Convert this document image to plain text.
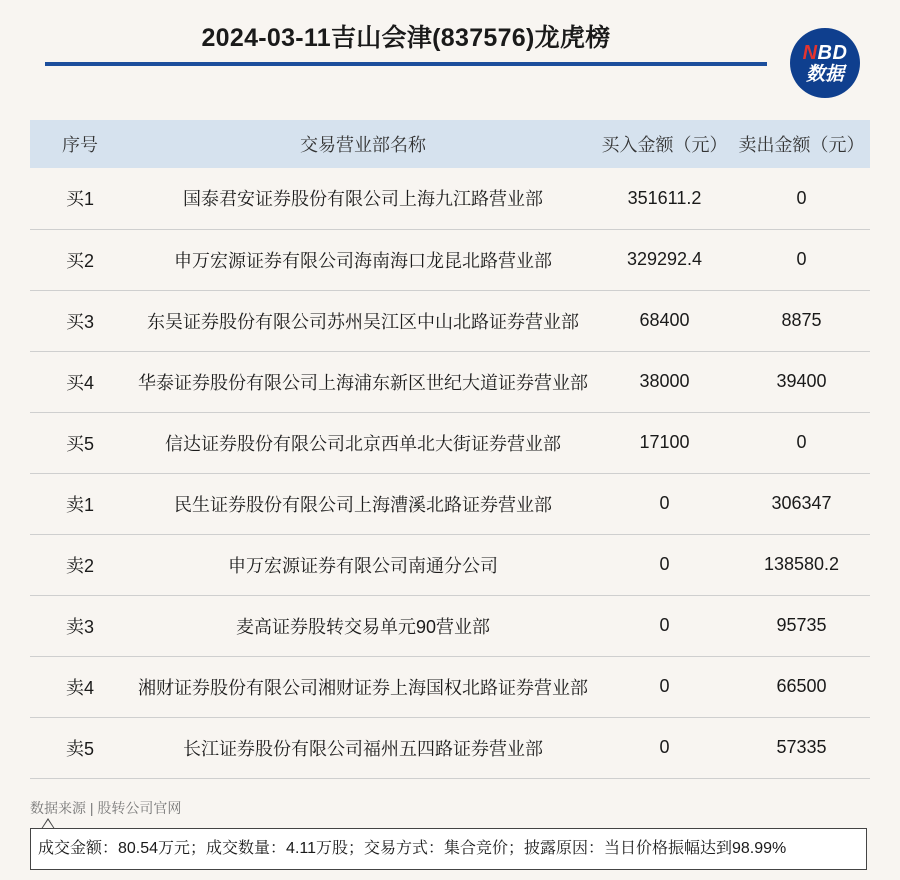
2024-03-11吉山会津(837576)龙虎榜
NBD
数据
序号	交易营业部名称	买入金额（元）	卖出金额（元）
买1	国泰君安证券股份有限公司上海九江路营业部	351611.2	0
买2	申万宏源证券有限公司海南海口龙昆北路营业部	329292.4	0
买3	东吴证券股份有限公司苏州吴江区中山北路证券营业部	68400	8875
买4	华泰证券股份有限公司上海浦东新区世纪大道证券营业部	38000	39400
买5	信达证券股份有限公司北京西单北大街证券营业部	17100	0
卖1	民生证券股份有限公司上海漕溪北路证券营业部	0	306347
卖2	申万宏源证券有限公司南通分公司	0	138580.2
卖3	麦高证券股转交易单元90营业部	0	95735
卖4	湘财证券股份有限公司湘财证券上海国权北路证券营业部	0	66500
卖5	长江证券股份有限公司福州五四路证券营业部	0	57335
数据来源 | 股转公司官网
成交金额：80.54万元；成交数量：4.11万股；交易方式：集合竞价；披露原因：当日价格振幅达到98.99%
